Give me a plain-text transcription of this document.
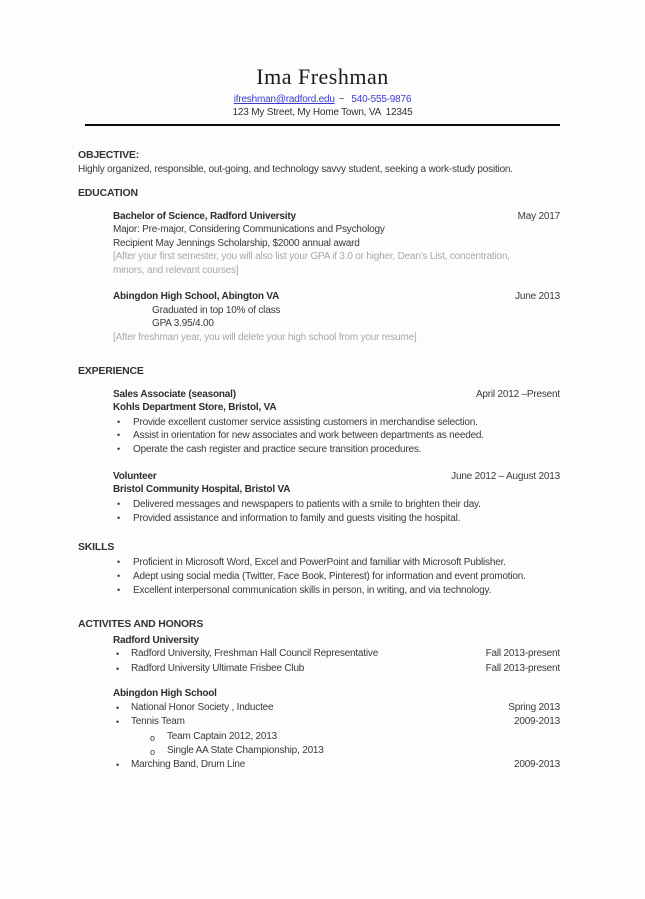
Ima Freshman
ifreshman@radford.edu ~ 540-555-9876
123 My Street, My Home Town, VA  12345
OBJECTIVE:
Highly organized, responsible, out-going, and technology savvy student, seeking a work-study position.
EDUCATION
Bachelor of Science, Radford University	May 2017
Major: Pre-major, Considering Communications and Psychology
Recipient May Jennings Scholarship, $2000 annual award
[After your first semester, you will also list your GPA if 3.0 or higher, Dean’s List, concentration, minors, and relevant courses]
Abingdon High School, Abington VA	June 2013
Graduated in top 10% of class
GPA 3.95/4.00
[After freshman year, you will delete your high school from your resume]
EXPERIENCE
Sales Associate (seasonal)	April 2012 –Present
Kohls Department Store, Bristol, VA
• Provide excellent customer service assisting customers in merchandise selection.
• Assist in orientation for new associates and work between departments as needed.
• Operate the cash register and practice secure transition procedures.
Volunteer	June 2012 – August 2013
Bristol Community Hospital, Bristol VA
• Delivered messages and newspapers to patients with a smile to brighten their day.
• Provided assistance and information to family and guests visiting the hospital.
SKILLS
• Proficient in Microsoft Word, Excel and PowerPoint and familiar with Microsoft Publisher.
• Adept using social media (Twitter, Face Book, Pinterest) for information and event promotion.
• Excellent interpersonal communication skills in person, in writing, and via technology.
ACTIVITES AND HONORS
Radford University
• Radford University, Freshman Hall Council Representative	Fall 2013-present
• Radford University Ultimate Frisbee Club	Fall 2013-present
Abingdon High School
• National Honor Society , Inductee	Spring 2013
• Tennis Team	2009-2013
o Team Captain 2012, 2013
o Single AA State Championship, 2013
• Marching Band, Drum Line	2009-2013
